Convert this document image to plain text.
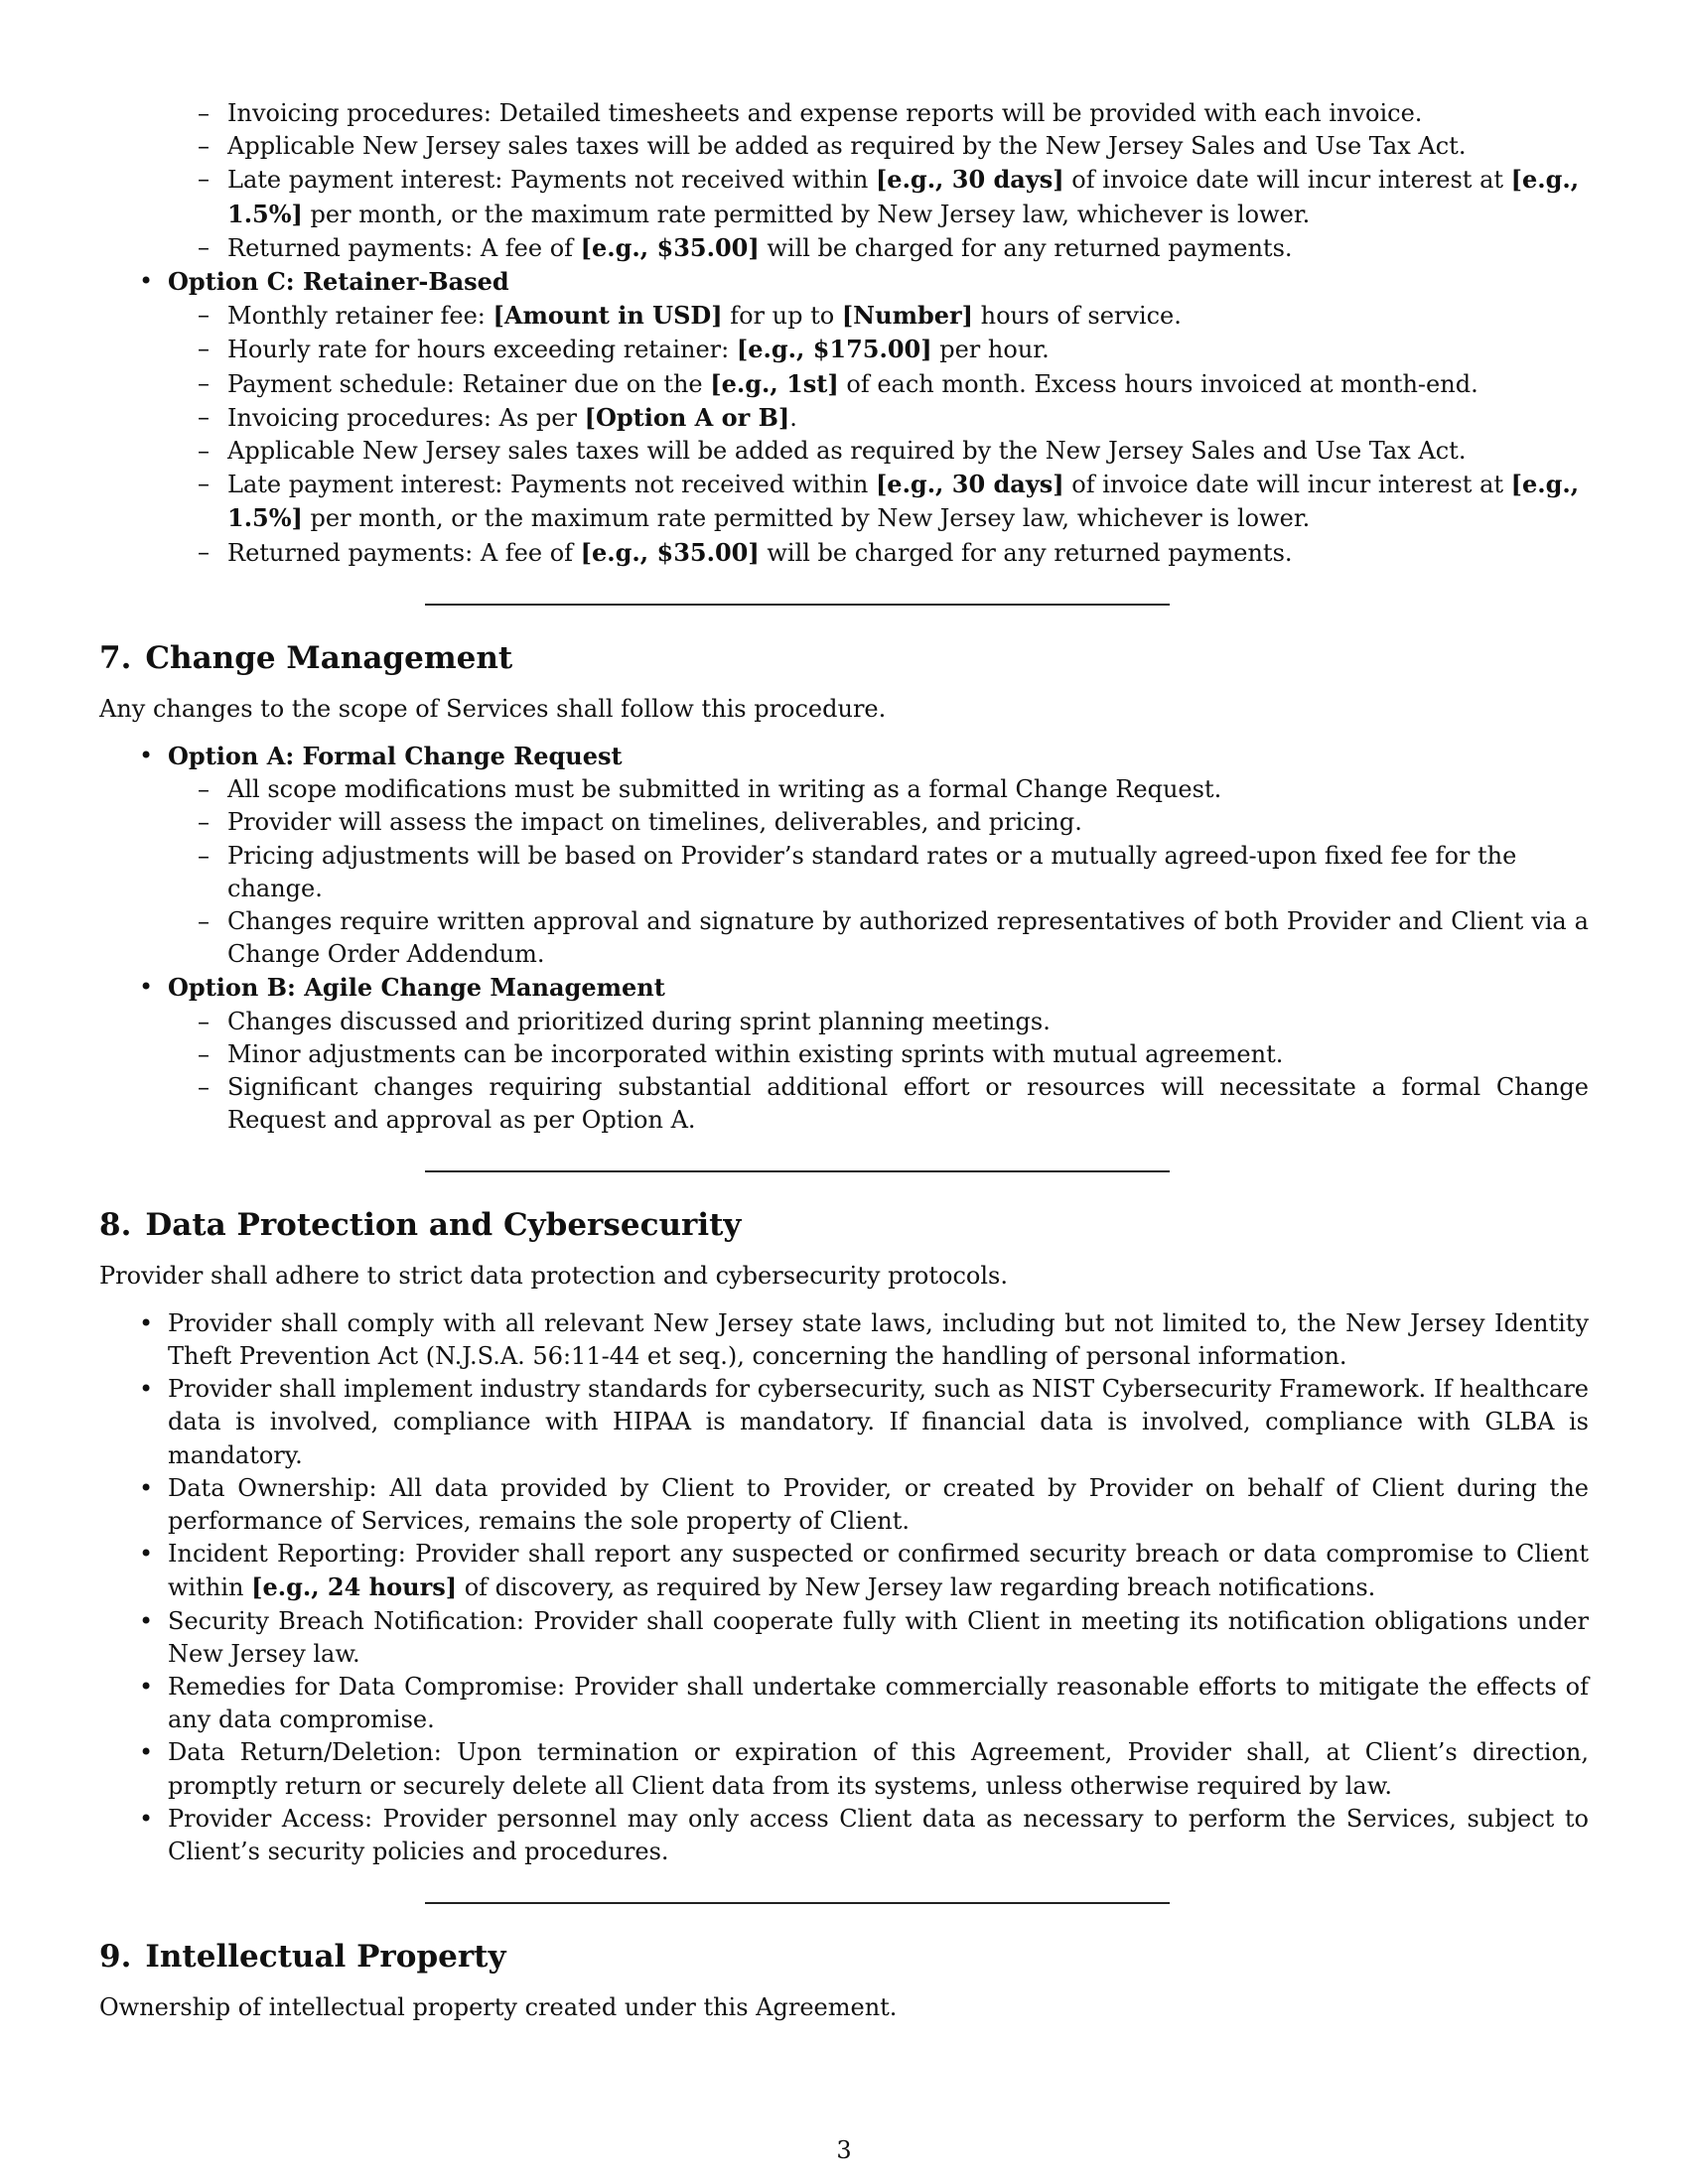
– Invoicing procedures: Detailed timesheets and expense reports will be provided with each invoice.
– Applicable New Jersey sales taxes will be added as required by the New Jersey Sales and Use Tax Act.
– Late payment interest: Payments not received within [e.g., 30 days] of invoice date will incur interest at [e.g., 1.5%] per month, or the maximum rate permitted by New Jersey law, whichever is lower.
– Returned payments: A fee of [e.g., $35.00] will be charged for any returned payments.
• Option C: Retainer-Based
– Monthly retainer fee: [Amount in USD] for up to [Number] hours of service.
– Hourly rate for hours exceeding retainer: [e.g., $175.00] per hour.
– Payment schedule: Retainer due on the [e.g., 1st] of each month. Excess hours invoiced at month-end.
– Invoicing procedures: As per [Option A or B].
– Applicable New Jersey sales taxes will be added as required by the New Jersey Sales and Use Tax Act.
– Late payment interest: Payments not received within [e.g., 30 days] of invoice date will incur interest at [e.g., 1.5%] per month, or the maximum rate permitted by New Jersey law, whichever is lower.
– Returned payments: A fee of [e.g., $35.00] will be charged for any returned payments.
7. Change Management

Any changes to the scope of Services shall follow this procedure.

• Option A: Formal Change Request
– All scope modifications must be submitted in writing as a formal Change Request.
– Provider will assess the impact on timelines, deliverables, and pricing.
– Pricing adjustments will be based on Provider’s standard rates or a mutually agreed-upon fixed fee for the change.
– Changes require written approval and signature by authorized representatives of both Provider and Client via a Change Order Addendum.
• Option B: Agile Change Management
– Changes discussed and prioritized during sprint planning meetings.
– Minor adjustments can be incorporated within existing sprints with mutual agreement.
– Significant changes requiring substantial additional effort or resources will necessitate a formal Change Request and approval as per Option A.
8. Data Protection and Cybersecurity

Provider shall adhere to strict data protection and cybersecurity protocols.

• Provider shall comply with all relevant New Jersey state laws, including but not limited to, the New Jersey Identity Theft Prevention Act (N.J.S.A. 56:11-44 et seq.), concerning the handling of personal information.
• Provider shall implement industry standards for cybersecurity, such as NIST Cybersecurity Framework. If healthcare data is involved, compliance with HIPAA is mandatory. If financial data is involved, compliance with GLBA is mandatory.
• Data Ownership: All data provided by Client to Provider, or created by Provider on behalf of Client during the performance of Services, remains the sole property of Client.
• Incident Reporting: Provider shall report any suspected or confirmed security breach or data compromise to Client within [e.g., 24 hours] of discovery, as required by New Jersey law regarding breach notifications.
• Security Breach Notification: Provider shall cooperate fully with Client in meeting its notification obligations under New Jersey law.
• Remedies for Data Compromise: Provider shall undertake commercially reasonable efforts to mitigate the effects of any data compromise.
• Data Return/Deletion: Upon termination or expiration of this Agreement, Provider shall, at Client’s direction, promptly return or securely delete all Client data from its systems, unless otherwise required by law.
• Provider Access: Provider personnel may only access Client data as necessary to perform the Services, subject to Client’s security policies and procedures.
9. Intellectual Property

Ownership of intellectual property created under this Agreement.

3
